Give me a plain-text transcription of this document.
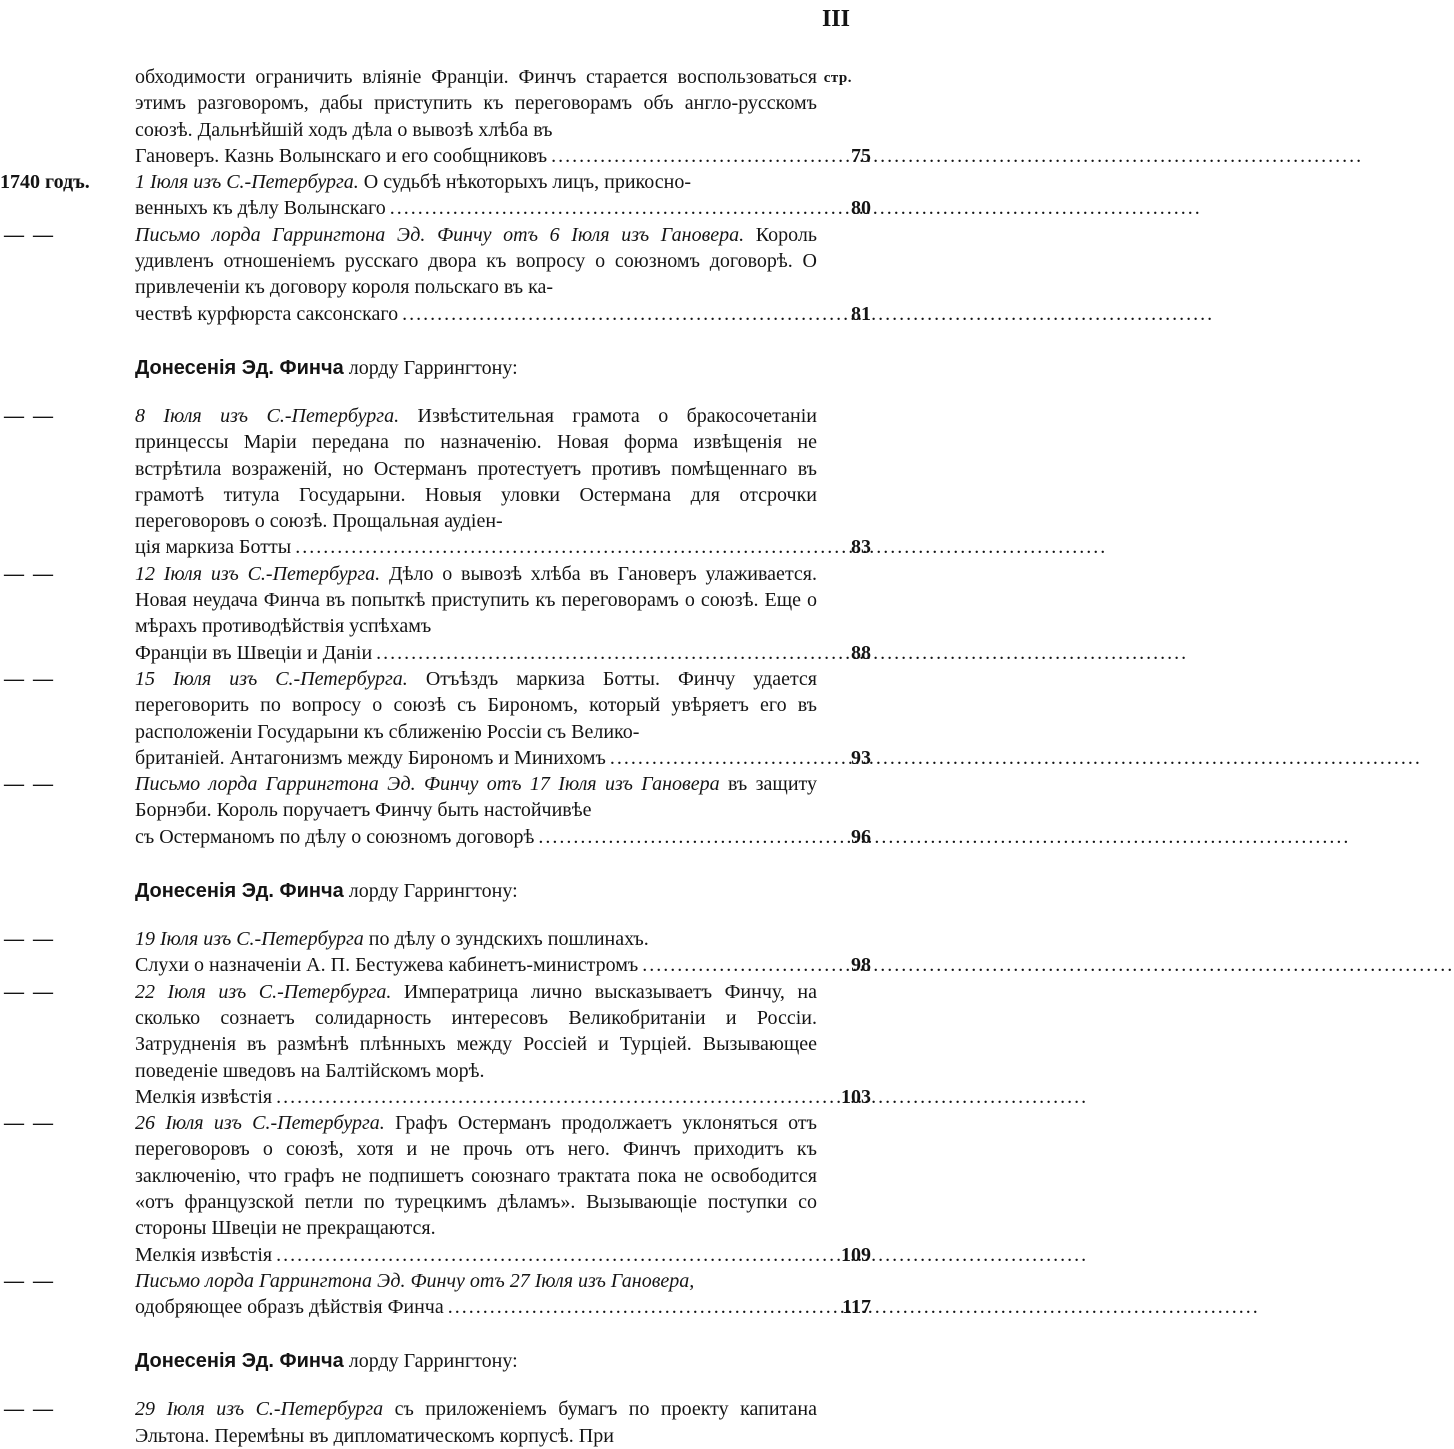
III
стр.
обходимости ограничить вліяніе Франціи. Финчъ старается воспользоваться этимъ разговоромъ, дабы приступить къ переговорамъ объ англо-русскомъ союзѣ. Дальнѣйшій ходъ дѣла о вывозѣ хлѣба въ
Гановеръ. Казнь Волынскаго и его сообщниковъ .....	75
1740 годъ.	1 Іюля изъ С.-Петербурга. О судьбѣ нѣкоторыхъ лицъ, прикосно-
венныхъ къ дѣлу Волынскаго .....	80
— —	Письмо лорда Гаррингтона Эд. Финчу отъ 6 Іюля изъ Гановера. Король удивленъ отношеніемъ русскаго двора къ вопросу о союзномъ договорѣ. О привлеченіи къ договору короля польскаго въ ка-
чествѣ курфюрста саксонскаго .....	81
Донесенія Эд. Финча лорду Гаррингтону:
— —	8 Іюля изъ С.-Петербурга. Извѣстительная грамота о бракосочетаніи принцессы Маріи передана по назначенію. Новая форма извѣщенія не встрѣтила возраженій, но Остерманъ протестуетъ противъ помѣщеннаго въ грамотѣ титула Государыни. Новыя уловки Остермана для отсрочки переговоровъ о союзѣ. Прощальная аудіен-
ція маркиза Ботты .....	83
— —	12 Іюля изъ С.-Петербурга. Дѣло о вывозѣ хлѣба въ Гановеръ улаживается. Новая неудача Финча въ попыткѣ приступить къ переговорамъ о союзѣ. Еще о мѣрахъ противодѣйствія успѣхамъ
Франціи въ Швеціи и Даніи .....	88
— —	15 Іюля изъ С.-Петербурга. Отъѣздъ маркиза Ботты. Финчу удается переговорить по вопросу о союзѣ съ Бирономъ, который увѣряетъ его въ расположеніи Государыни къ сближенію Россіи съ Велико-
британіей. Антагонизмъ между Бирономъ и Минихомъ .....	93
— —	Письмо лорда Гаррингтона Эд. Финчу отъ 17 Іюля изъ Гановера въ защиту Борнэби. Король поручаетъ Финчу быть настойчивѣе
съ Остерманомъ по дѣлу о союзномъ договорѣ .....	96
Донесенія Эд. Финча лорду Гаррингтону:
— —	19 Іюля изъ С.-Петербурга по дѣлу о зундскихъ пошлинахъ.
Слухи о назначеніи А. П. Бестужева кабинетъ-министромъ .....	98
— —	22 Іюля изъ С.-Петербурга. Императрица лично высказываетъ Финчу, на сколько сознаетъ солидарность интересовъ Великобританіи и Россіи. Затрудненія въ размѣнѣ плѣнныхъ между Россіей и Турціей. Вызывающее поведеніе шведовъ на Балтійскомъ морѣ.
Мелкія извѣстія .....	103
— —	26 Іюля изъ С.-Петербурга. Графъ Остерманъ продолжаетъ уклоняться отъ переговоровъ о союзѣ, хотя и не прочь отъ него. Финчъ приходитъ къ заключенію, что графъ не подпишетъ союзнаго трактата пока не освободится «отъ французской петли по турецкимъ дѣламъ». Вызывающіе поступки со стороны Швеціи не прекращаются.
Мелкія извѣстія .....	109
— —	Письмо лорда Гаррингтона Эд. Финчу отъ 27 Іюля изъ Гановера,
одобряющее образъ дѣйствія Финча .....	117
Донесенія Эд. Финча лорду Гаррингтону:
— —	29 Іюля изъ С.-Петербурга съ приложеніемъ бумагъ по проекту капитана Эльтона. Перемѣны въ дипломатическомъ корпусѣ. При
